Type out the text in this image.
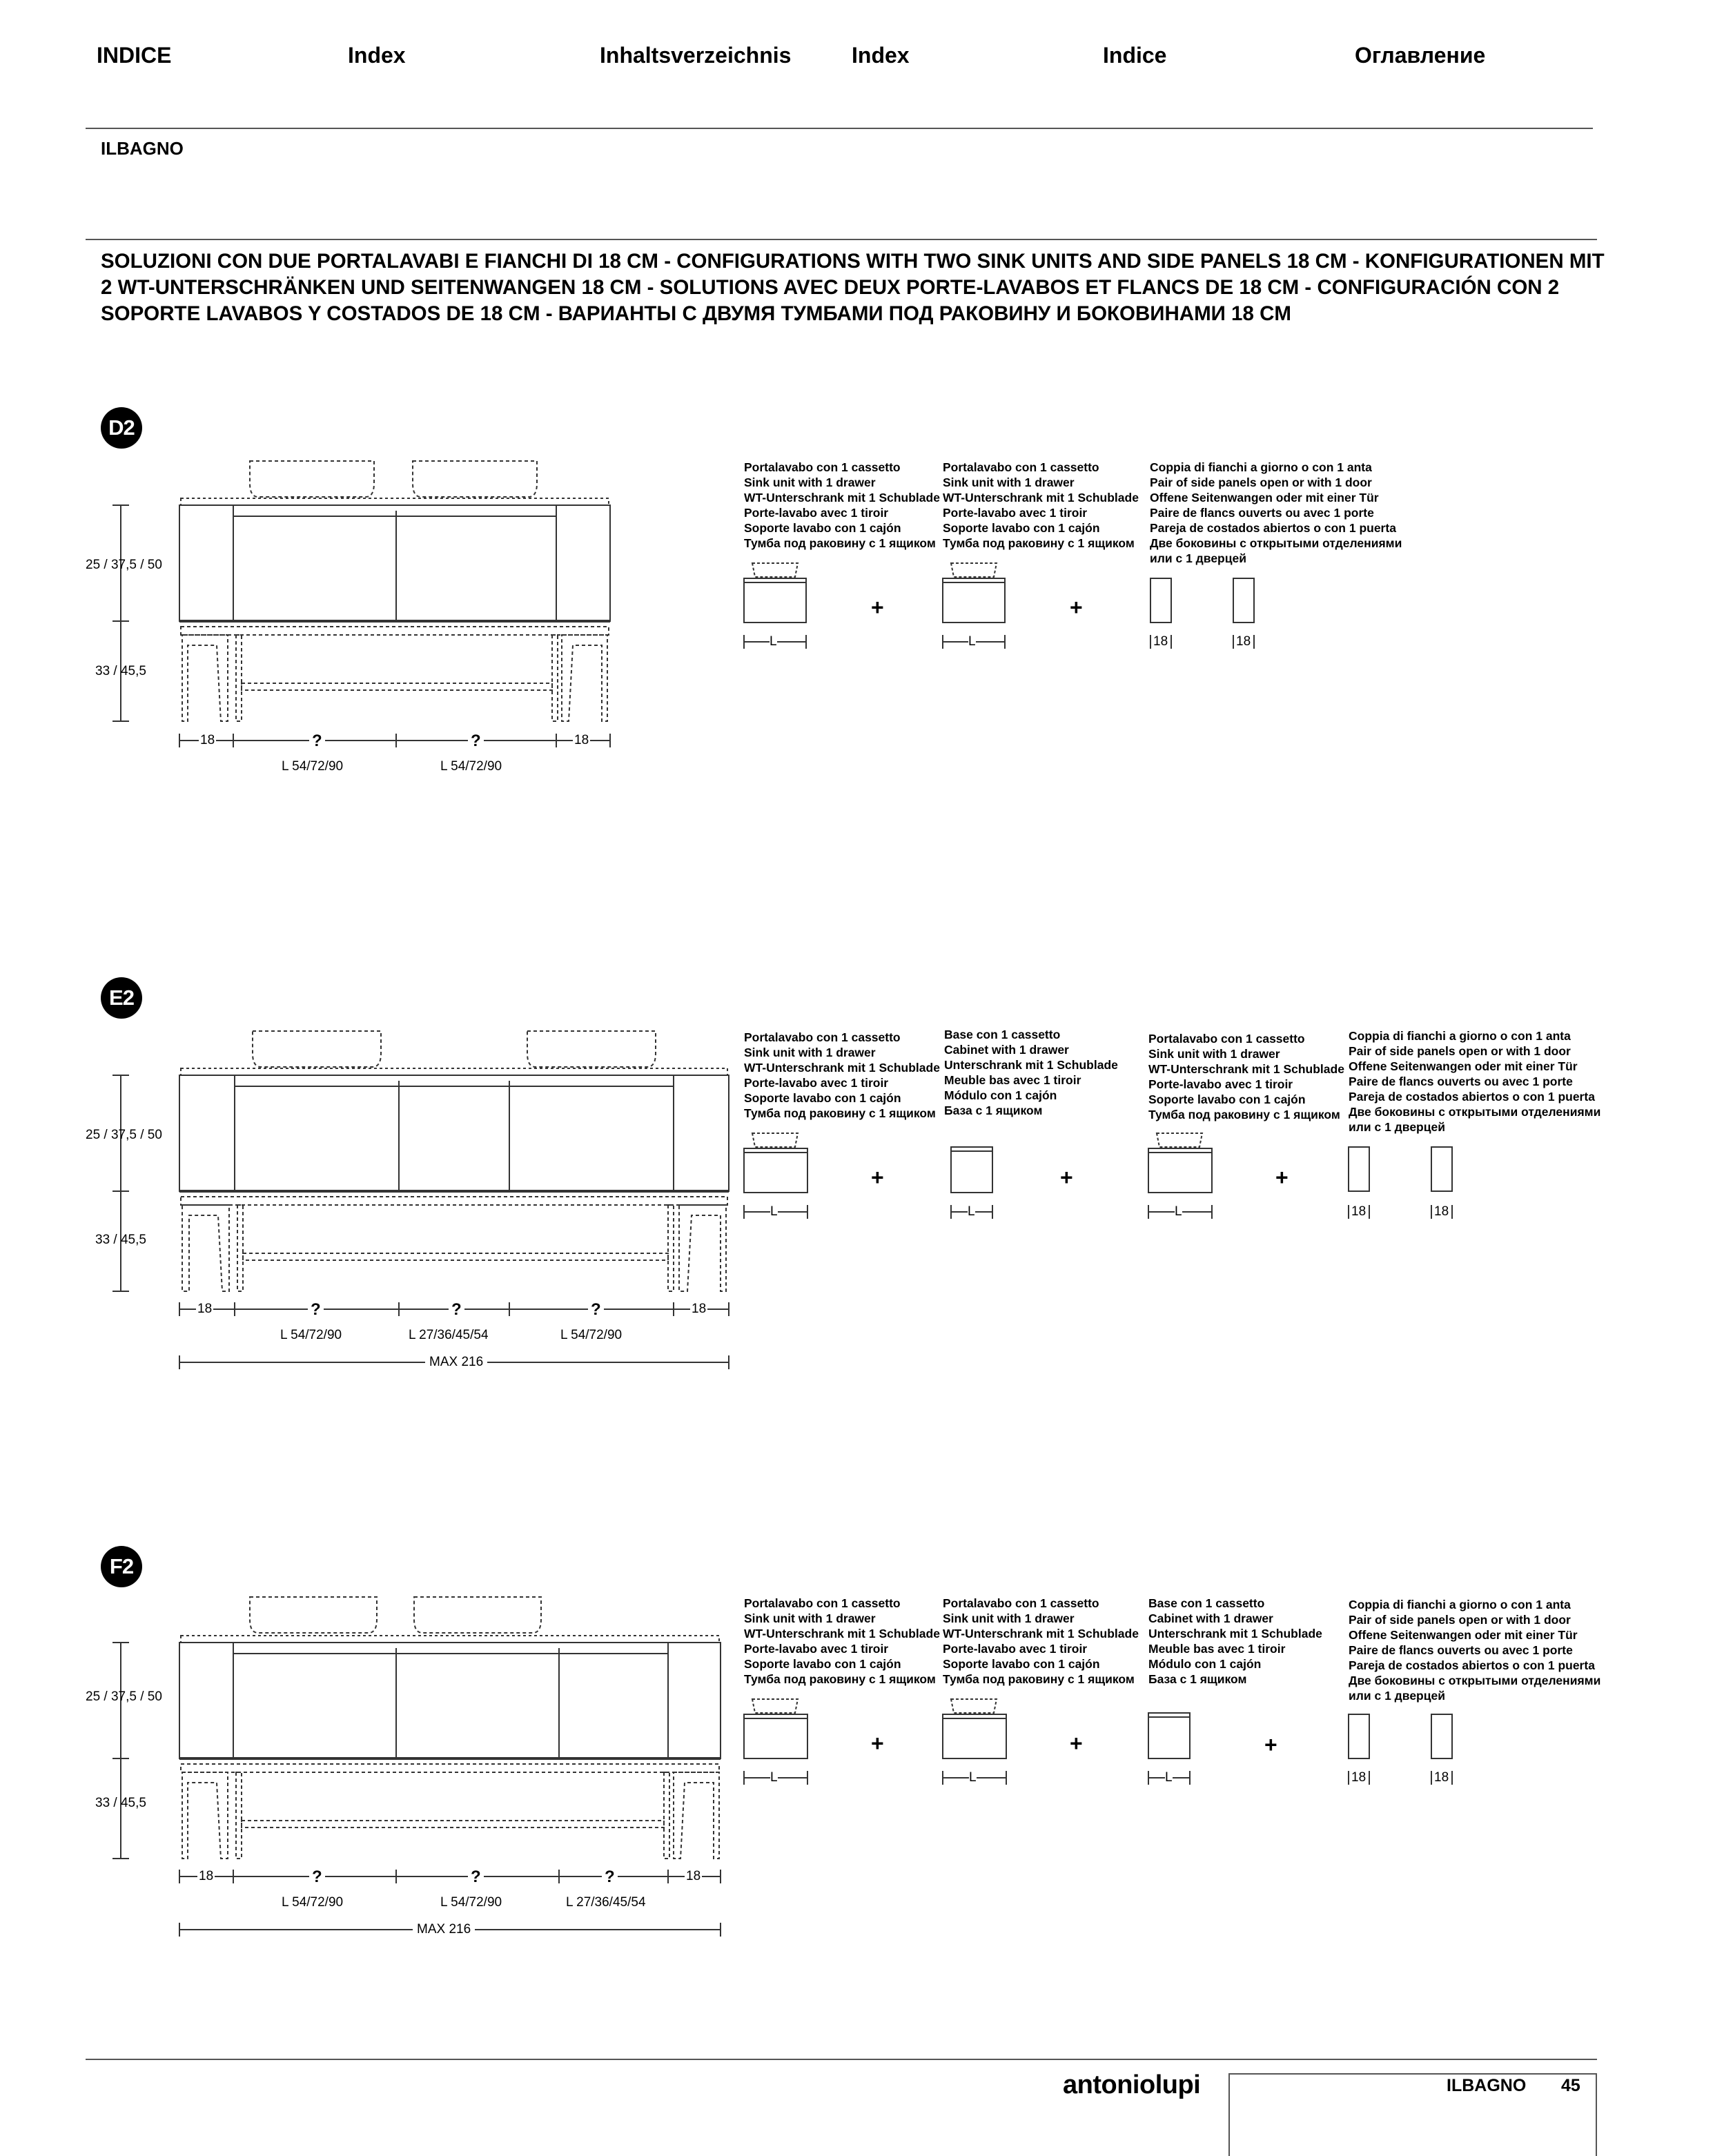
INDICE	Index	Inhaltsverzeichnis	Index	Indice	Оглавление
ILBAGNO
SOLUZIONI CON DUE PORTALAVABI E FIANCHI DI 18 CM - CONFIGURATIONS WITH TWO SINK UNITS AND SIDE PANELS 18 CM - KONFIGURATIONEN MIT 2 WT-UNTERSCHRÄNKEN UND SEITENWANGEN 18 CM - SOLUTIONS AVEC DEUX PORTE-LAVABOS ET FLANCS DE 18 CM - CONFIGURACIÓN CON 2 SOPORTE LAVABOS Y COSTADOS DE 18 CM - ВАРИАНТЫ С ДВУМЯ ТУМБАМИ ПОД РАКОВИНУ И БОКОВИНАМИ 18 CM
D2
25 / 37,5 / 50
33 / 45,5
18	18
?	?
L 54/72/90	L 54/72/90
Portalavabo con 1 cassetto
Sink unit with 1 drawer
WT-Unterschrank mit 1 Schublade
Porte-lavabo avec 1 tiroir
Soporte lavabo con 1 cajón
Тумба под раковину с 1 ящиком
Portalavabo con 1 cassetto
Sink unit with 1 drawer
WT-Unterschrank mit 1 Schublade
Porte-lavabo avec 1 tiroir
Soporte lavabo con 1 cajón
Тумба под раковину с 1 ящиком
Coppia di fianchi a giorno o con 1 anta
Pair of side panels open or with 1 door
Offene Seitenwangen oder mit einer Tür
Paire de flancs ouverts ou avec 1 porte
Pareja de costados abiertos o con 1 puerta
Две боковины с открытыми отделениями
или с 1 дверцей
L	L	18	18
+	+
E2
25 / 37,5 / 50
33 / 45,5
18	18
?	?	?
L 54/72/90	L 27/36/45/54	L 54/72/90
MAX 216
Portalavabo con 1 cassetto
Sink unit with 1 drawer
WT-Unterschrank mit 1 Schublade
Porte-lavabo avec 1 tiroir
Soporte lavabo con 1 cajón
Тумба под раковину с 1 ящиком
Base con 1 cassetto
Cabinet with 1 drawer
Unterschrank mit 1 Schublade
Meuble bas avec 1 tiroir
Módulo con 1 cajón
База с 1 ящиком
Portalavabo con 1 cassetto
Sink unit with 1 drawer
WT-Unterschrank mit 1 Schublade
Porte-lavabo avec 1 tiroir
Soporte lavabo con 1 cajón
Тумба под раковину с 1 ящиком
Coppia di fianchi a giorno o con 1 anta
Pair of side panels open or with 1 door
Offene Seitenwangen oder mit einer Tür
Paire de flancs ouverts ou avec 1 porte
Pareja de costados abiertos o con 1 puerta
Две боковины с открытыми отделениями
или с 1 дверцей
L	L	L	18	18
+	+	+
F2
25 / 37,5 / 50
33 / 45,5
18	18
?	?	?
L 54/72/90	L 54/72/90	L 27/36/45/54
MAX 216
Portalavabo con 1 cassetto
Sink unit with 1 drawer
WT-Unterschrank mit 1 Schublade
Porte-lavabo avec 1 tiroir
Soporte lavabo con 1 cajón
Тумба под раковину с 1 ящиком
Portalavabo con 1 cassetto
Sink unit with 1 drawer
WT-Unterschrank mit 1 Schublade
Porte-lavabo avec 1 tiroir
Soporte lavabo con 1 cajón
Тумба под раковину с 1 ящиком
Base con 1 cassetto
Cabinet with 1 drawer
Unterschrank mit 1 Schublade
Meuble bas avec 1 tiroir
Módulo con 1 cajón
База с 1 ящиком
Coppia di fianchi a giorno o con 1 anta
Pair of side panels open or with 1 door
Offene Seitenwangen oder mit einer Tür
Paire de flancs ouverts ou avec 1 porte
Pareja de costados abiertos o con 1 puerta
Две боковины с открытыми отделениями
или с 1 дверцей
L	L	L	18	18
+	+	+
antoniolupi	ILBAGNO 45
